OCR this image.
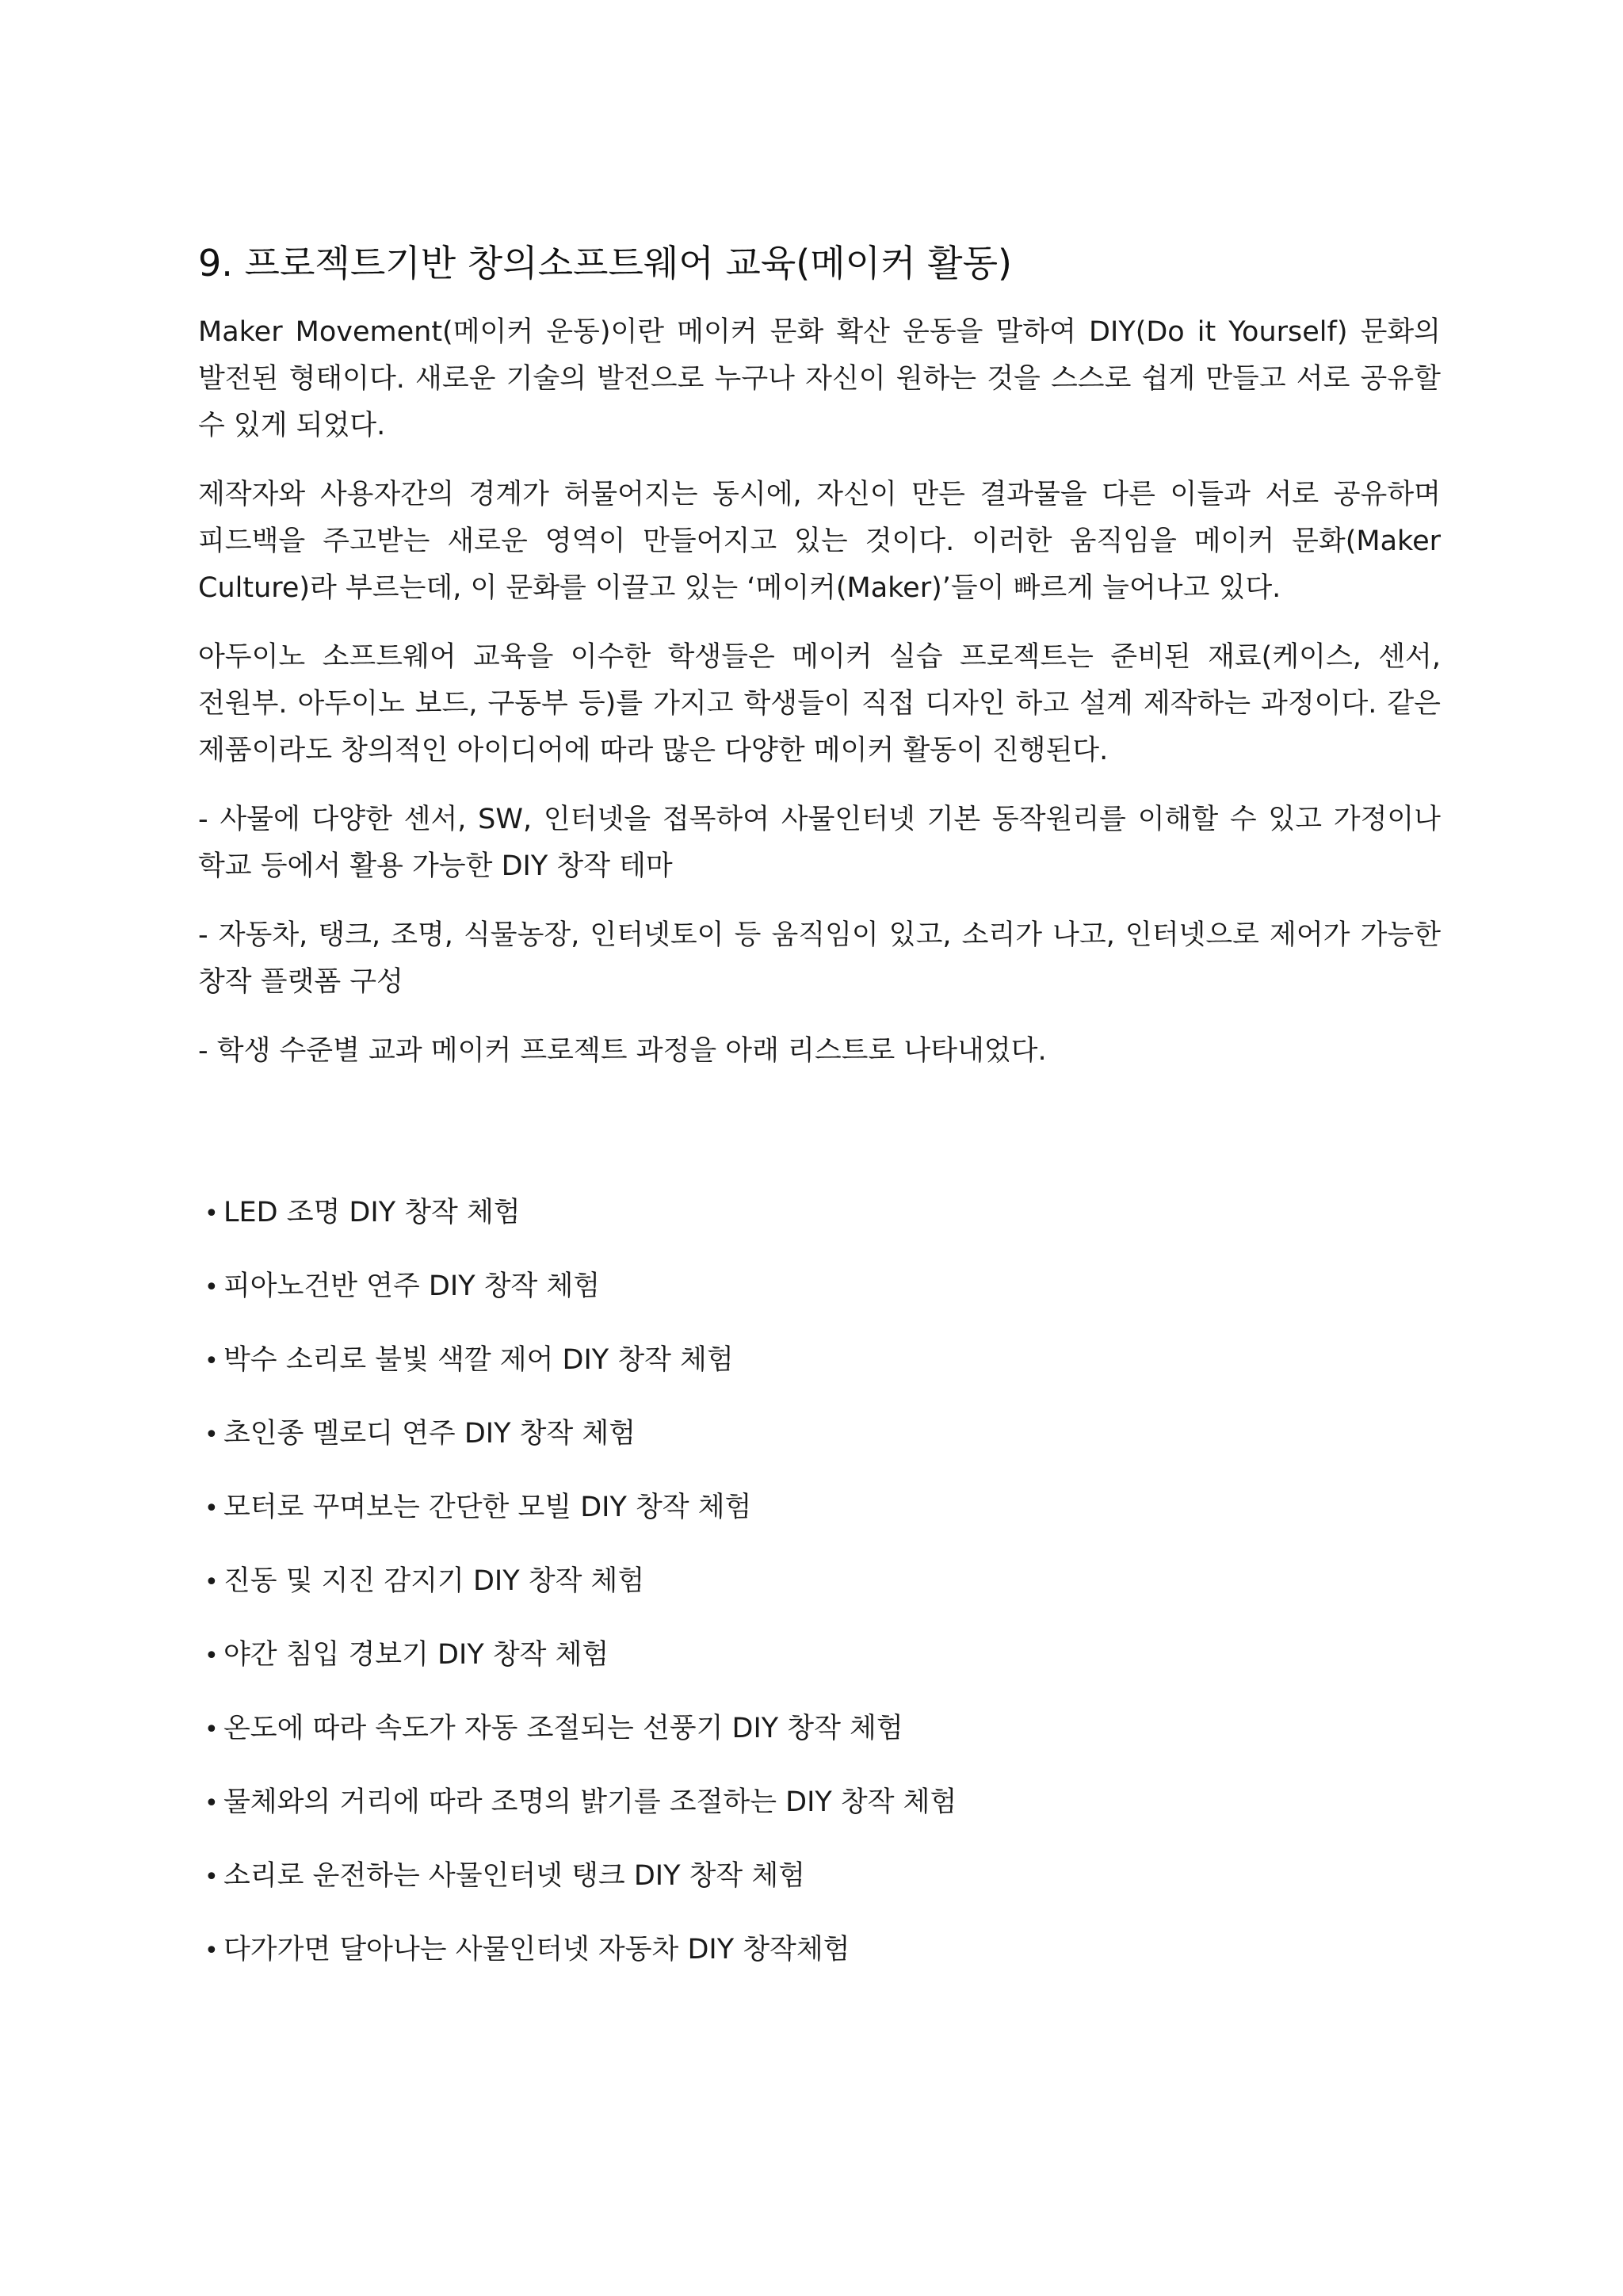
9. 프로젝트기반 창의소프트웨어 교육(메이커 활동)

Maker Movement(메이커 운동)이란 메이커 문화 확산 운동을 말하여 DIY(Do it Yourself) 문화의 발전된 형태이다. 새로운 기술의 발전으로 누구나 자신이 원하는 것을 스스로 쉽게 만들고 서로 공유할 수 있게 되었다.

제작자와 사용자간의 경계가 허물어지는 동시에, 자신이 만든 결과물을 다른 이들과 서로 공유하며 피드백을 주고받는 새로운 영역이 만들어지고 있는 것이다. 이러한 움직임을 메이커 문화(Maker Culture)라 부르는데, 이 문화를 이끌고 있는 ‘메이커(Maker)’들이 빠르게 늘어나고 있다.

아두이노 소프트웨어 교육을 이수한 학생들은 메이커 실습 프로젝트는 준비된 재료(케이스, 센서, 전원부. 아두이노 보드, 구동부 등)를 가지고 학생들이 직접 디자인 하고 설계 제작하는 과정이다. 같은 제품이라도 창의적인 아이디어에 따라 많은 다양한 메이커 활동이 진행된다.

- 사물에 다양한 센서, SW, 인터넷을 접목하여 사물인터넷 기본 동작원리를 이해할 수 있고 가정이나 학교 등에서 활용 가능한 DIY 창작 테마

- 자동차, 탱크, 조명, 식물농장, 인터넷토이 등 움직임이 있고, 소리가 나고, 인터넷으로 제어가 가능한 창작 플랫폼 구성

- 학생 수준별 교과 메이커 프로젝트 과정을 아래 리스트로 나타내었다.

• LED 조명 DIY 창작 체험
• 피아노건반 연주 DIY 창작 체험
• 박수 소리로 불빛 색깔 제어 DIY 창작 체험
• 초인종 멜로디 연주 DIY 창작 체험
• 모터로 꾸며보는 간단한 모빌 DIY 창작 체험
• 진동 및 지진 감지기 DIY 창작 체험
• 야간 침입 경보기 DIY 창작 체험
• 온도에 따라 속도가 자동 조절되는 선풍기 DIY 창작 체험
• 물체와의 거리에 따라 조명의 밝기를 조절하는 DIY 창작 체험
• 소리로 운전하는 사물인터넷 탱크 DIY 창작 체험
• 다가가면 달아나는 사물인터넷 자동차 DIY 창작체험
